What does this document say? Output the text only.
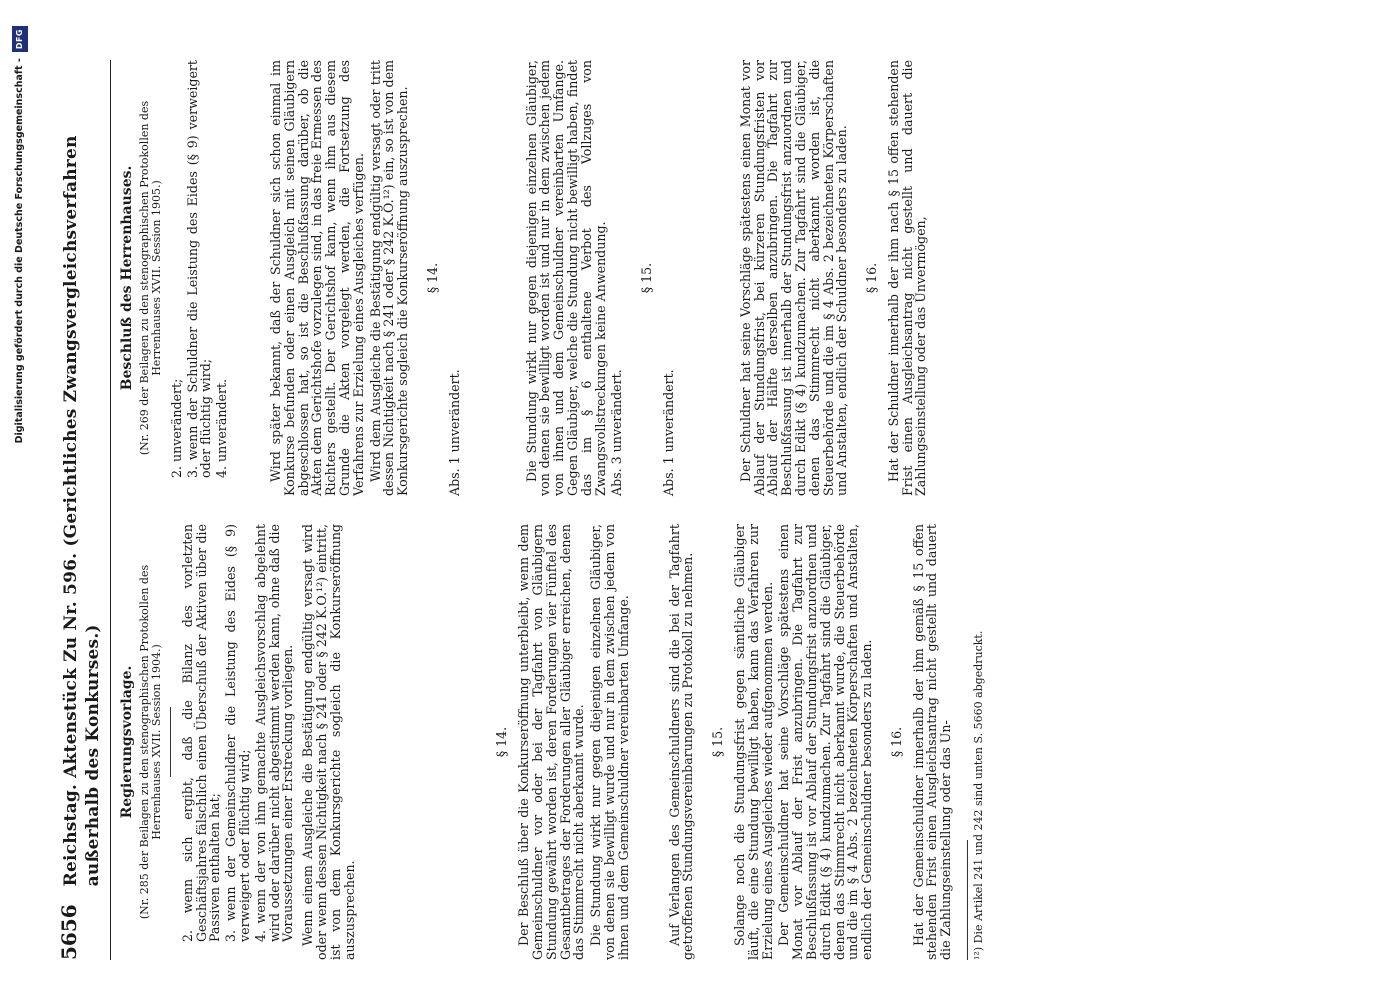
5656
Reichstag. Aktenstück Zu Nr. 596. (Gerichtliches Zwangsvergleichsverfahren außerhalb des Konkurses.) Regierungsvorlage. (Nr. 285 der Beilagen zu den stenographischen Protokollen des Herrenhauses XVII. Session 1904.) 2. wenn sich ergibt, daß die Bilanz des vorletzten Geschäftsjahres fälschlich einen Überschuß der Aktiven über die Passiven enthalten hat; 3. wenn der Gemeinschuldner die Leistung des Eides (§ 9) verweigert oder flüchtig wird; 4. wenn der von ihm gemachte Ausgleichsvorschlag abgelehnt wird oder darüber nicht abgestimmt werden kann, ohne daß die Voraussetzungen einer Erstreckung vorliegen. Wenn einem Ausgleiche die Bestätigung endgültig versagt wird oder wenn dessen Nichtigkeit nach § 241 oder § 242 K.O.¹²) eintritt, ist von dem Konkursgerichte sogleich die Konkurseröffnung auszusprechen.

§ 14. Der Beschluß über die Konkurseröffnung unterbleibt, wenn dem Gemeinschuldner vor oder bei der Tagfahrt von Gläubigern Stundung gewährt worden ist, deren Forderungen vier Fünftel des Gesamtbetrages der Forderungen aller Gläubiger erreichen, denen das Stimmrecht nicht aberkannt wurde. Die Stundung wirkt nur gegen diejenigen einzelnen Gläubiger, von denen sie bewilligt wurde und nur in dem zwischen jedem von ihnen und dem Gemeinschuldner vereinbarten Umfange.	Auf Verlangen des Gemeinschuldners sind die bei der Tagfahrt getroffenen Stundungsvereinbarungen zu Protokoll zu nehmen. § 15. Solange noch die Stundungsfrist gegen sämtliche Gläubiger läuft, die eine Stundung bewilligt haben, kann das Verfahren zur Erzielung eines Ausgleiches wieder aufgenommen werden. Der Gemeinschuldner hat seine Vorschläge spätestens einen Monat vor Ablauf der Frist anzubringen. Die Tagfahrt zur Beschlußfassung ist vor Ablauf der Stundungsfrist anzuordnen und durch Edikt (§ 4) kundzumachen. Zur Tagfahrt sind die Gläubiger, denen das Stimmrecht nicht aberkannt wurde, die Steuerbehörde und die im § 4 Abs. 2 bezeichneten Körperschaften und Anstalten, endlich der Gemeinschuldner besonders zu laden. § 16. Hat der Gemeinschuldner innerhalb der ihm gemäß § 15 offen stehenden Frist einen Ausgleichsantrag nicht gestellt und dauert die Zahlungseinstellung oder das Un- ¹²) Die Artikel 241 und 242 sind unten S. 5660 abgedruckt.

Beschluß des Herrenhauses. (Nr. 269 der Beilagen zu den stenographischen Protokollen des Herrenhauses XVII. Session 1905.)
2. unverändert; 3. wenn der Schuldner die Leistung des Eides (§ 9) verweigert oder flüchtig wird; 4. unverändert.	Wird später bekannt, daß der Schuldner sich schon einmal im Konkurse befunden oder einen Ausgleich mit seinen Gläubigern abgeschlossen hat, so ist die Beschlußfassung darüber, ob die Akten dem Gerichtshofe vorzulegen sind, in das freie Ermessen des Richters gestellt. Der Gerichtshof kann, wenn ihm aus diesem Grunde die Akten vorgelegt werden, die Fortsetzung des Verfahrens zur Erzielung eines Ausgleiches verfügen. Wird dem Ausgleiche die Bestätigung endgültig versagt oder tritt dessen Nichtigkeit nach § 241 oder § 242 K.O.¹²) ein, so ist von dem Konkursgerichte sogleich die Konkurseröffnung auszusprechen. § 14.

Abs. 1 unverändert.	Die Stundung wirkt nur gegen diejenigen einzelnen Gläubiger, von denen sie bewilligt worden ist und nur in dem zwischen jedem von ihnen und dem Gemeinschuldner vereinbarten Umfange. Gegen Gläubiger, welche die Stundung nicht bewilligt haben, findet das im § 6 enthaltene Verbot des Vollzuges von Zwangsvollstreckungen keine Anwendung. Abs. 3 unverändert.

§ 15.

Abs. 1 unverändert.	Der Schuldner hat seine Vorschläge spätestens einen Monat vor Ablauf der Stundungsfrist, bei kürzeren Stundungsfristen vor Ablauf der Hälfte derselben anzubringen. Die Tagfahrt zur Beschlußfassung ist innerhalb der Stundungsfrist anzuordnen und durch Edikt (§ 4) kundzumachen. Zur Tagfahrt sind die Gläubiger, denen das Stimmrecht nicht aberkannt worden ist, die Steuerbehörde und die im § 4 Abs. 2 bezeichneten Körperschaften und Anstalten, endlich der Schuldner besonders zu laden. § 16. Hat der Schuldner innerhalb der ihm nach § 15 offen stehenden Frist einen Ausgleichsantrag nicht gestellt und dauert die Zahlungseinstellung oder das Unvermögen,

Digitalisierung gefördert durch die Deutsche Forschungsgemeinschaft -
DFG
